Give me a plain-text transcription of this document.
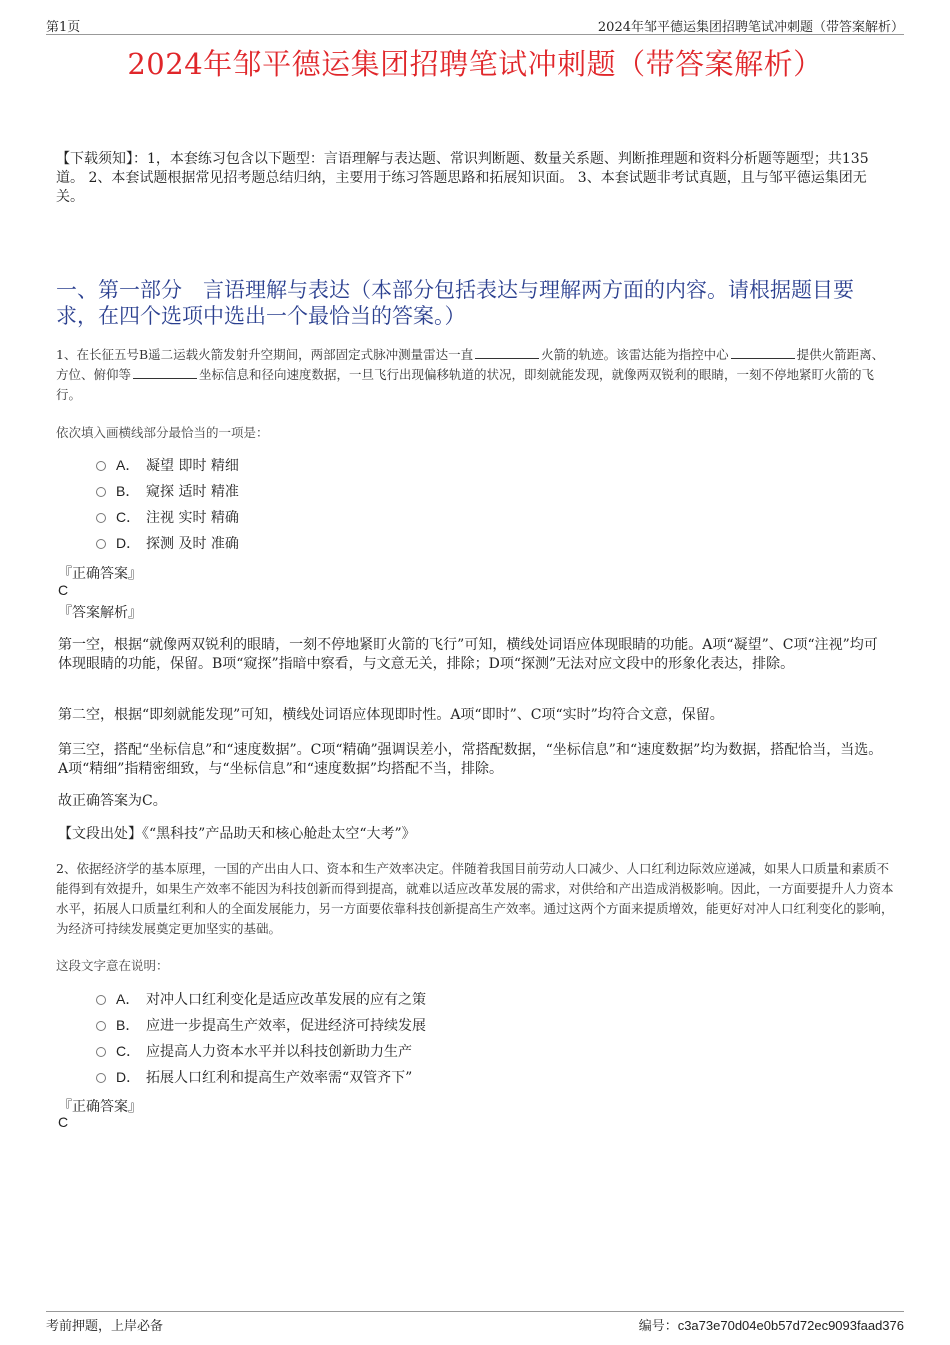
第1页	2024年邹平德运集团招聘笔试冲刺题（带答案解析）
2024年邹平德运集团招聘笔试冲刺题（带答案解析）
【下载须知】：1，本套练习包含以下题型：言语理解与表达题、常识判断题、数量关系题、判断推理题和资料分析题等题型；共135道。 2、本套试题根据常见招考题总结归纳，主要用于练习答题思路和拓展知识面。 3、本套试题非考试真题，且与邹平德运集团无关。
一、第一部分　言语理解与表达（本部分包括表达与理解两方面的内容。请根据题目要求，在四个选项中选出一个最恰当的答案。）
1、在长征五号B遥二运载火箭发射升空期间，两部固定式脉冲测量雷达一直	火箭的轨迹。该雷达能为指控中心	提供火箭距离、方位、俯仰等	坐标信息和径向速度数据，一旦飞行出现偏移轨道的状况，即刻就能发现，就像两双锐利的眼睛，一刻不停地紧盯火箭的飞行。
依次填入画横线部分最恰当的一项是：
A． 凝望 即时 精细
B． 窥探 适时 精准
C． 注视 实时 精确
D． 探测 及时 准确
『正确答案』
C
『答案解析』
第一空，根据“就像两双锐利的眼睛，一刻不停地紧盯火箭的飞行”可知，横线处词语应体现眼睛的功能。A项“凝望”、C项“注视”均可体现眼睛的功能，保留。B项“窥探”指暗中察看，与文意无关，排除；D项“探测”无法对应文段中的形象化表达，排除。
第二空，根据“即刻就能发现”可知，横线处词语应体现即时性。A项“即时”、C项“实时”均符合文意，保留。
第三空，搭配“坐标信息”和“速度数据”。C项“精确”强调误差小，常搭配数据，“坐标信息”和“速度数据”均为数据，搭配恰当，当选。A项“精细”指精密细致，与“坐标信息”和“速度数据”均搭配不当，排除。
故正确答案为C。
【文段出处】《“黑科技”产品助天和核心舱赴太空“大考”》
2、依据经济学的基本原理，一国的产出由人口、资本和生产效率决定。伴随着我国目前劳动人口减少、人口红利边际效应递减，如果人口质量和素质不能得到有效提升，如果生产效率不能因为科技创新而得到提高，就难以适应改革发展的需求，对供给和产出造成消极影响。因此，一方面要提升人力资本水平，拓展人口质量红利和人的全面发展能力，另一方面要依靠科技创新提高生产效率。通过这两个方面来提质增效，能更好对冲人口红利变化的影响，为经济可持续发展奠定更加坚实的基础。
这段文字意在说明：
A． 对冲人口红利变化是适应改革发展的应有之策
B． 应进一步提高生产效率，促进经济可持续发展
C． 应提高人力资本水平并以科技创新助力生产
D． 拓展人口红利和提高生产效率需“双管齐下”
『正确答案』
C
考前押题，上岸必备	编号：c3a73e70d04e0b57d72ec9093faad376
